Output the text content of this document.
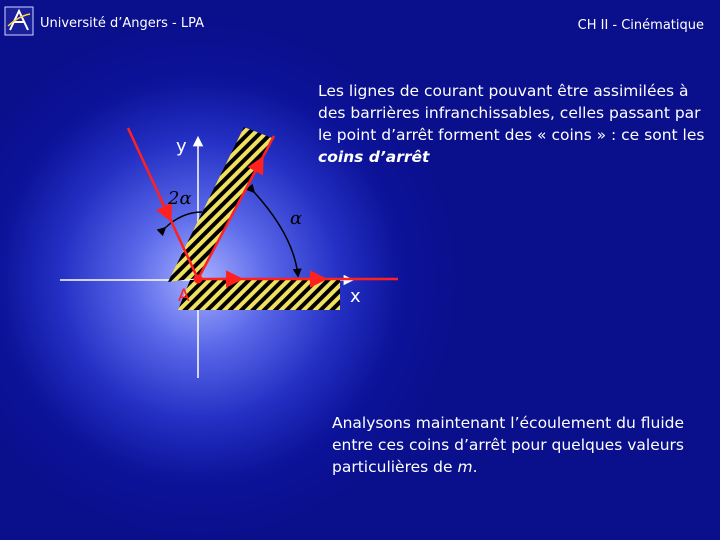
Université d’Angers - LPA	CH II - Cinématique
y
2α
α
A	x
Les lignes de courant pouvant être assimilées à des barrières infranchissables, celles passant par le point d’arrêt forment des « coins » : ce sont les coins d’arrêt
Analysons maintenant l’écoulement du fluide entre ces coins d’arrêt pour quelques valeurs particulières de m.
